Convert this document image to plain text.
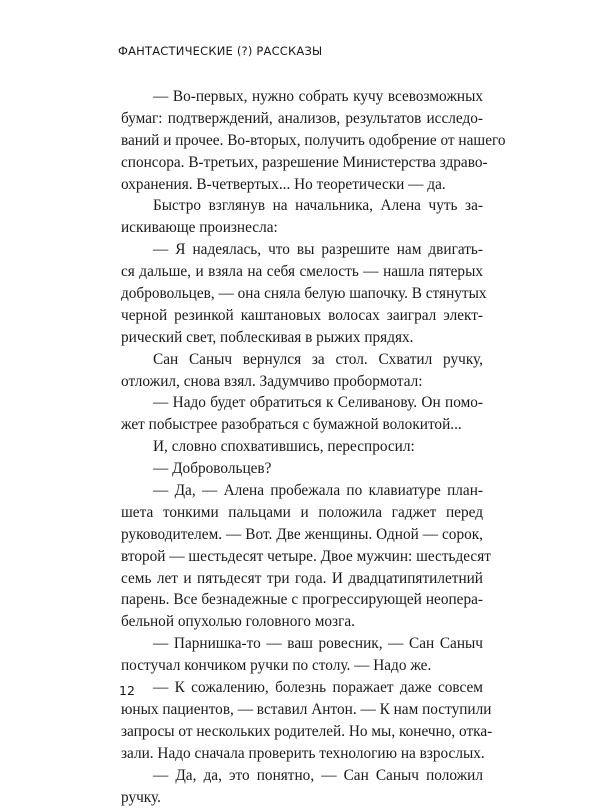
ФАНТАСТИЧЕСКИЕ (?) РАССКАЗЫ
— Во-первых, нужно собрать кучу всевозможных
бумаг: подтверждений, анализов, результатов исследо-
ваний и прочее. Во-вторых, получить одобрение от нашего
спонсора. В-третьих, разрешение Министерства здраво-
охранения. В-четвертых... Но теоретически — да.
Быстро взглянув на начальника, Алена чуть за-
искивающе произнесла:
— Я надеялась, что вы разрешите нам двигать-
ся дальше, и взяла на себя смелость — нашла пятерых
добровольцев, — она сняла белую шапочку. В стянутых
черной резинкой каштановых волосах заиграл элект-
рический свет, поблескивая в рыжих прядях.
Сан Саныч вернулся за стол. Схватил ручку,
отложил, снова взял. Задумчиво пробормотал:
— Надо будет обратиться к Селиванову. Он помо-
жет побыстрее разобраться с бумажной волокитой...
И, словно спохватившись, переспросил:
— Добровольцев?
— Да, — Алена пробежала по клавиатуре план-
шета тонкими пальцами и положила гаджет перед
руководителем. — Вот. Две женщины. Одной — сорок,
второй — шестьдесят четыре. Двое мужчин: шестьдесят
семь лет и пятьдесят три года. И двадцатипятилетний
парень. Все безнадежные с прогрессирующей неопера-
бельной опухолью головного мозга.
— Парнишка-то — ваш ровесник, — Сан Саныч
постучал кончиком ручки по столу. — Надо же.
— К сожалению, болезнь поражает даже совсем
юных пациентов, — вставил Антон. — К нам поступили
запросы от нескольких родителей. Но мы, конечно, отка-
зали. Надо сначала проверить технологию на взрослых.
— Да, да, это понятно, — Сан Саныч положил
ручку.
12
